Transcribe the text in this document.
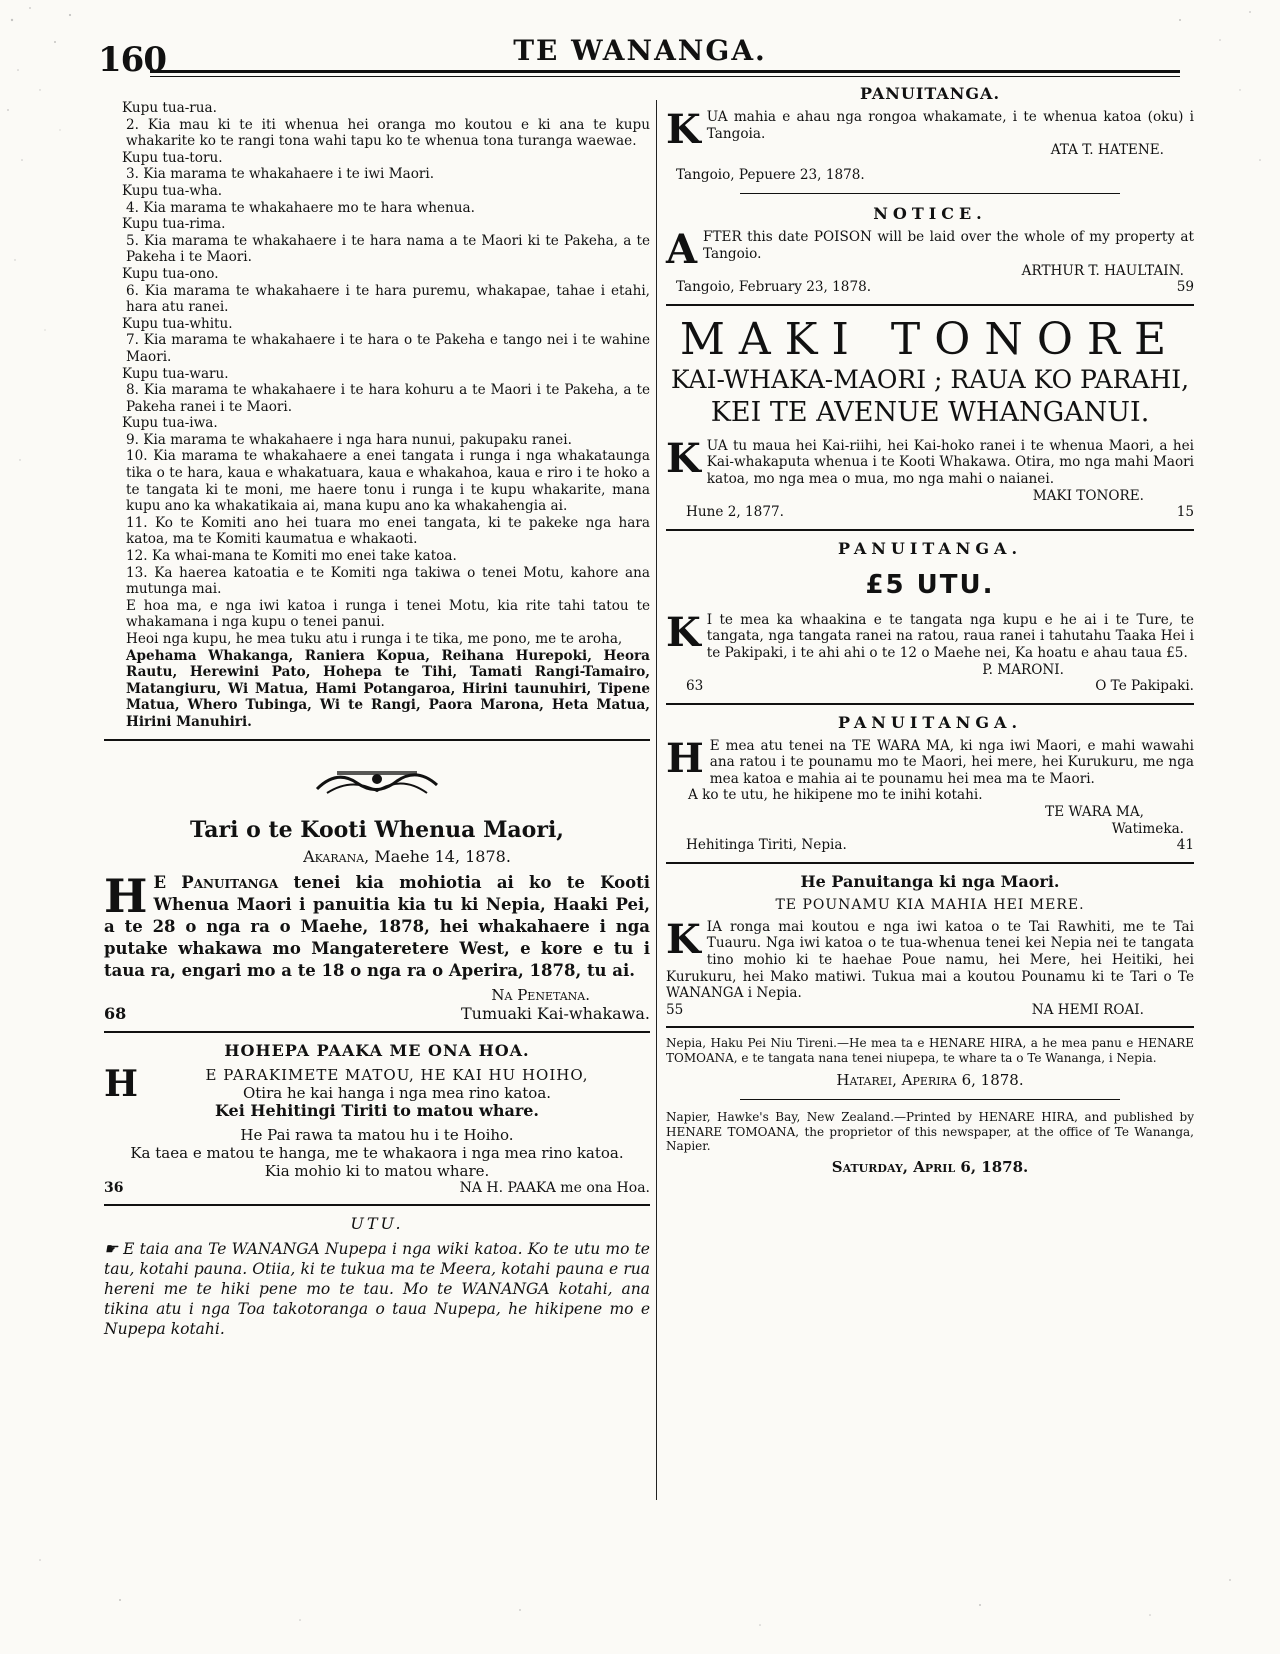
160	TE WANANGA.
Kupu tua-rua.
2. Kia mau ki te iti whenua hei oranga mo koutou e ki ana te kupu whakarite ko te rangi tona wahi tapu ko te whenua tona turanga waewae.
Kupu tua-toru.
3. Kia marama te whakahaere i te iwi Maori.
Kupu tua-wha.
4. Kia marama te whakahaere mo te hara whenua.
Kupu tua-rima.
5. Kia marama te whakahaere i te hara nama a te Maori ki te Pakeha, a te Pakeha i te Maori.
Kupu tua-ono.
6. Kia marama te whakahaere i te hara puremu, whakapae, tahae i etahi, hara atu ranei.
Kupu tua-whitu.
7. Kia marama te whakahaere i te hara o te Pakeha e tango nei i te wahine Maori.
Kupu tua-waru.
8. Kia marama te whakahaere i te hara kohuru a te Maori i te Pakeha, a te Pakeha ranei i te Maori.
Kupu tua-iwa.
9. Kia marama te whakahaere i nga hara nunui, pakupaku ranei.
10. Kia marama te whakahaere a enei tangata i runga i nga whakataunga tika o te hara, kaua e whakatuara, kaua e whakahoa, kaua e riro i te hoko a te tangata ki te moni, me haere tonu i runga i te kupu whakarite, mana kupu ano ka whakatikaia ai, mana kupu ano ka whakahengia ai.
11. Ko te Komiti ano hei tuara mo enei tangata, ki te pakeke nga hara katoa, ma te Komiti kaumatua e whakaoti.
12. Ka whai-mana te Komiti mo enei take katoa.
13. Ka haerea katoatia e te Komiti nga takiwa o tenei Motu, kahore ana mutunga mai.
E hoa ma, e nga iwi katoa i runga i tenei Motu, kia rite tahi tatou te whakamana i nga kupu o tenei panui.
Heoi nga kupu, he mea tuku atu i runga i te tika, me pono, me te aroha,
Apehama Whakanga, Raniera Kopua, Reihana Hurepoki, Heora Rautu, Herewini Pato, Hohepa te Tihi, Tamati Rangi-Tamairo, Matangiuru, Wi Matua, Hami Potangaroa, Hirini taunuhiri, Tipene Matua, Whero Tubinga, Wi te Rangi, Paora Marona, Heta Matua, Hirini Manuhiri.
Tari o te Kooti Whenua Maori,
Akarana, Maehe 14, 1878.
H E Panuitanga tenei kia mohiotia ai ko te Kooti Whenua Maori i panuitia kia tu ki Nepia, Haaki Pei, a te 28 o nga ra o Maehe, 1878, hei whakahaere i nga putake whakawa mo Mangateretere West, e kore e tu i taua ra, engari mo a te 18 o nga ra o Aperira, 1878, tu ai.
Na Penetana.
68	Tumuaki Kai-whakawa.
HOHEPA PAAKA ME ONA HOA.
H	E PARAKIMETE MATOU, HE KAI HU HOIHO,
Otira he kai hanga i nga mea rino katoa.
Kei Hehitingi Tiriti to matou whare.
He Pai rawa ta matou hu i te Hoiho.
Ka taea e matou te hanga, me te whakaora i nga mea rino katoa.
Kia mohio ki to matou whare.
36	NA H. PAAKA me ona Hoa.
UTU.
☛ E taia ana Te WANANGA Nupepa i nga wiki katoa. Ko te utu mo te tau, kotahi pauna. Otiia, ki te tukua ma te Meera, kotahi pauna e rua hereni me te hiki pene mo te tau. Mo te WANANGA kotahi, ana tikina atu i nga Toa takotoranga o taua Nupepa, he hikipene mo e Nupepa kotahi.
PANUITANGA.
K UA mahia e ahau nga rongoa whakamate, i te whenua katoa (oku) i Tangoia.
ATA T. HATENE.
Tangoio, Pepuere 23, 1878.
NOTICE.
A FTER this date POISON will be laid over the whole of my property at Tangoio.
ARTHUR T. HAULTAIN.
Tangoio, February 23, 1878.	59
MAKI TONORE
KAI-WHAKA-MAORI ; RAUA KO PARAHI,
KEI TE AVENUE WHANGANUI.
K UA tu maua hei Kai-riihi, hei Kai-hoko ranei i te whenua Maori, a hei Kai-whakaputa whenua i te Kooti Whakawa. Otira, mo nga mahi Maori katoa, mo nga mea o mua, mo nga mahi o naianei.
MAKI TONORE.
Hune 2, 1877.	15
PANUITANGA.
£5 UTU.
K I te mea ka whaakina e te tangata nga kupu e he ai i te Ture, te tangata, nga tangata ranei na ratou, raua ranei i tahutahu Taaka Hei i te Pakipaki, i te ahi ahi o te 12 o Maehe nei, Ka hoatu e ahau taua £5.
P. MARONI.
63	O Te Pakipaki.
PANUITANGA.
H E mea atu tenei na TE WARA MA, ki nga iwi Maori, e mahi wawahi ana ratou i te pounamu mo te Maori, hei mere, hei Kurukuru, me nga mea katoa e mahia ai te pounamu hei mea ma te Maori.
A ko te utu, he hikipene mo te inihi kotahi.
TE WARA MA,
Watimeka.
Hehitinga Tiriti, Nepia.	41
He Panuitanga ki nga Maori.
TE POUNAMU KIA MAHIA HEI MERE.
K IA ronga mai koutou e nga iwi katoa o te Tai Rawhiti, me te Tai Tuauru. Nga iwi katoa o te tua-whenua tenei kei Nepia nei te tangata tino mohio ki te haehae Poue namu, hei Mere, hei Heitiki, hei Kurukuru, hei Mako matiwi. Tukua mai a koutou Pounamu ki te Tari o Te WANANGA i Nepia.
55	NA HEMI ROAI.
Nepia, Haku Pei Niu Tireni.—He mea ta e HENARE HIRA, a he mea panu e HENARE TOMOANA, e te tangata nana tenei niupepa, te whare ta o Te Wananga, i Nepia.
Hatarei, Aperira 6, 1878.
Napier, Hawke's Bay, New Zealand.—Printed by HENARE HIRA, and published by HENARE TOMOANA, the proprietor of this newspaper, at the office of Te Wananga, Napier.
Saturday, April 6, 1878.
